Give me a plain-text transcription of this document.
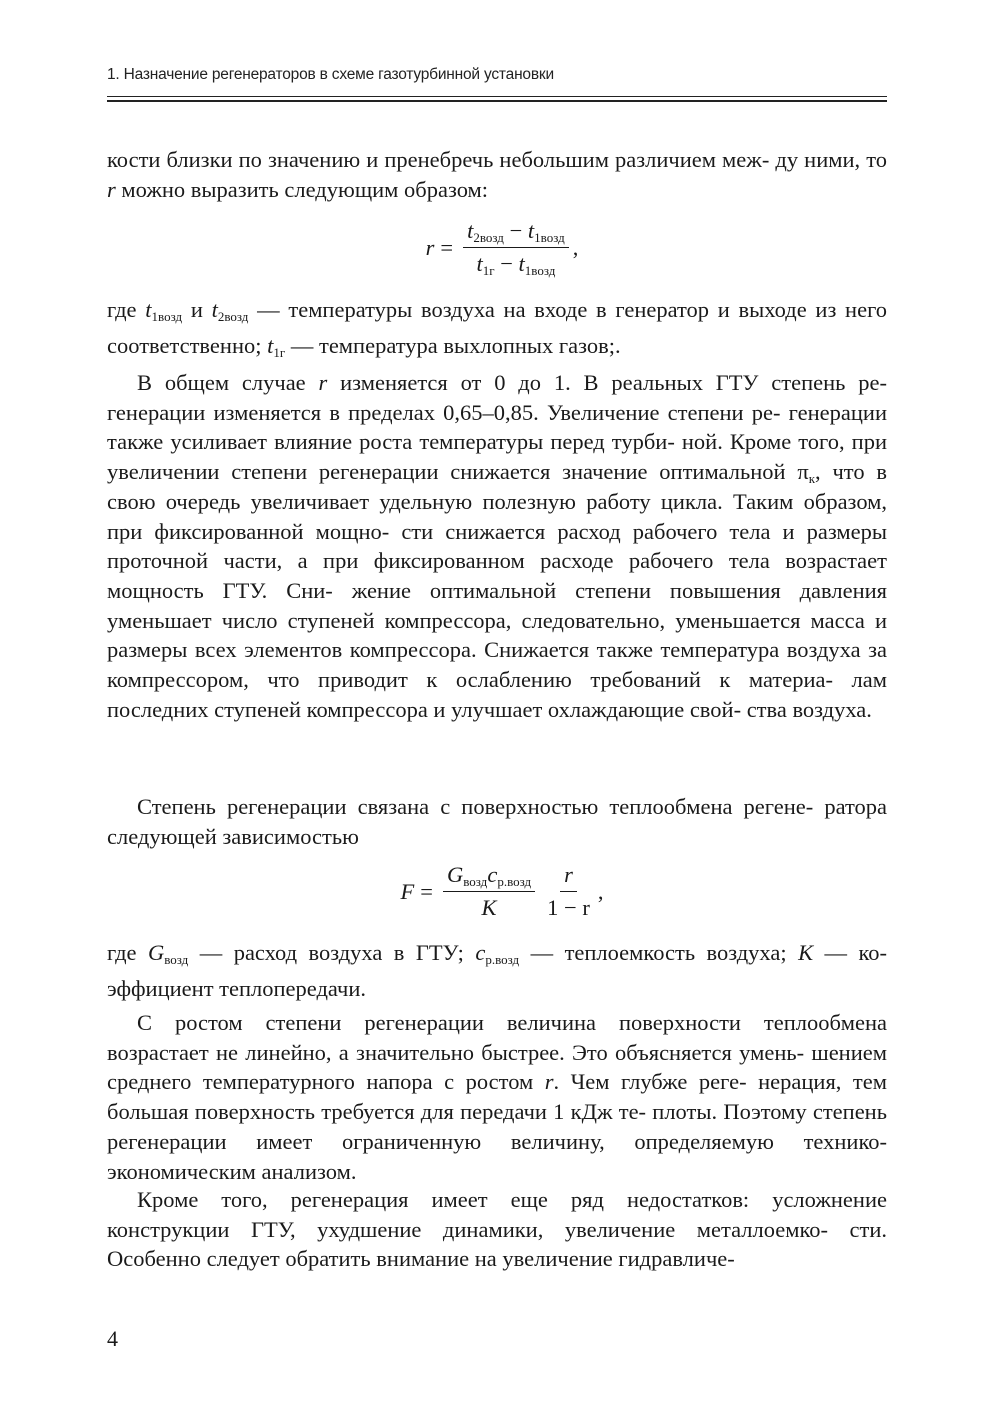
1. Назначение регенераторов в схеме газотурбинной установки

кости близки по значению и пренебречь небольшим различием меж- ду ними, то r можно выразить следующим образом:

$r = \frac{t_{2возд} - t_{1возд}}{t_{1г} - t_{1возд}}$ ,

где $t_{1возд}$ и $t_{2возд}$ — температуры воздуха на входе в генератор и выходе из него соответственно; $t_{1г}$ — температура выхлопных газов;.

В общем случае r изменяется от 0 до 1. В реальных ГТУ степень ре- генерации изменяется в пределах 0,65–0,85. Увеличение степени ре- генерации также усиливает влияние роста температуры перед турби- ной. Кроме того, при увеличении степени регенерации снижается значение оптимальной $\pi_к$, что в свою очередь увеличивает удельную полезную работу цикла. Таким образом, при фиксированной мощно- сти снижается расход рабочего тела и размеры проточной части, а при фиксированном расходе рабочего тела возрастает мощность ГТУ. Сни- жение оптимальной степени повышения давления уменьшает число ступеней компрессора, следовательно, уменьшается масса и размеры всех элементов компрессора. Снижается также температура воздуха за компрессором, что приводит к ослаблению требований к материа- лам последних ступеней компрессора и улучшает охлаждающие свой- ства воздуха.

Степень регенерации связана с поверхностью теплообмена регене- ратора следующей зависимостью

$F = \frac{G_{возд}c_{р.возд}}{K} \frac{r}{1 - r}$ ,

где $G_{возд}$ — расход воздуха в ГТУ; $c_{р.возд}$ — теплоемкость воздуха; K — ко- эффициент теплопередачи.

С ростом степени регенерации величина поверхности теплообмена возрастает не линейно, а значительно быстрее. Это объясняется умень- шением среднего температурного напора с ростом r. Чем глубже реге- нерация, тем большая поверхность требуется для передачи 1 кДж те- плоты. Поэтому степень регенерации имеет ограниченную величину, определяемую технико-экономическим анализом.

Кроме того, регенерация имеет еще ряд недостатков: усложнение конструкции ГТУ, ухудшение динамики, увеличение металлоемко- сти. Особенно следует обратить внимание на увеличение гидравличе-

4
